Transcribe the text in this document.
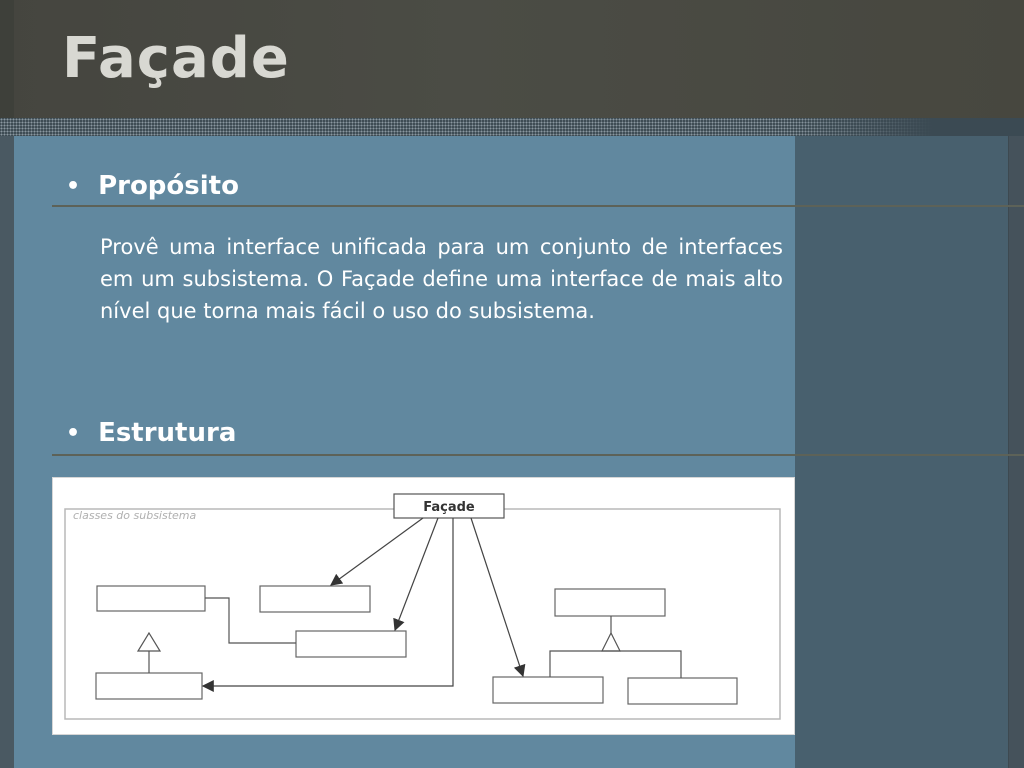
Façade
• Propósito

Provê uma interface unificada para um conjunto de interfaces em um subsistema. O Façade define uma interface de mais alto nível que torna mais fácil o uso do subsistema.

• Estrutura
classes do subsistema
Façade
